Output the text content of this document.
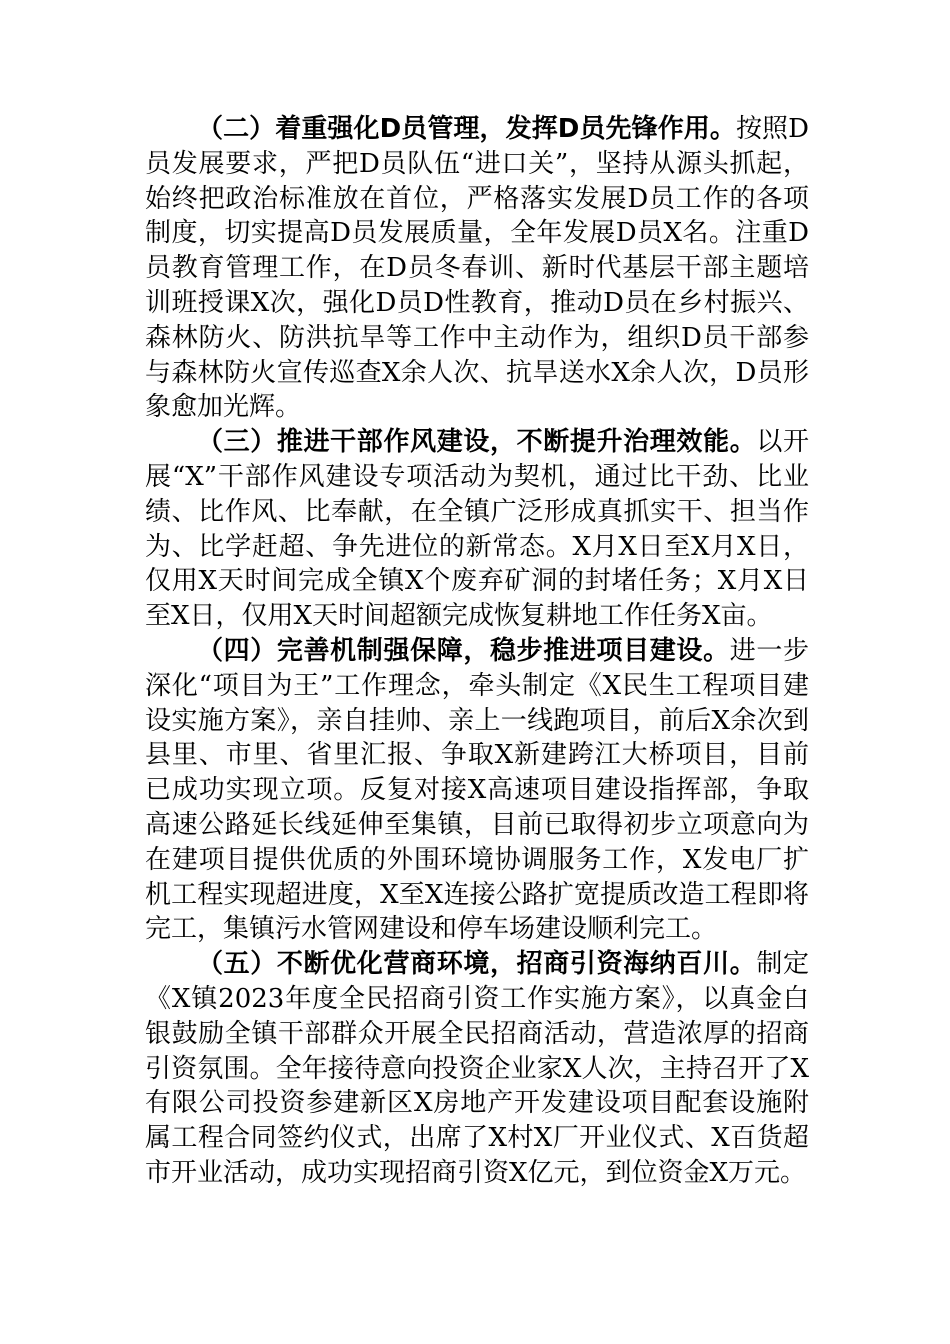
（二）着重强化D员管理，发挥D员先锋作用。按照D员发展要求，严把D员队伍“进口关”，坚持从源头抓起，始终把政治标准放在首位，严格落实发展D员工作的各项制度，切实提高D员发展质量，全年发展D员X名。注重D员教育管理工作，在D员冬春训、新时代基层干部主题培训班授课X次，强化D员D性教育，推动D员在乡村振兴、森林防火、防洪抗旱等工作中主动作为，组织D员干部参与森林防火宣传巡查X余人次、抗旱送水X余人次，D员形象愈加光辉。

（三）推进干部作风建设，不断提升治理效能。以开展“X”干部作风建设专项活动为契机，通过比干劲、比业绩、比作风、比奉献，在全镇广泛形成真抓实干、担当作为、比学赶超、争先进位的新常态。X月X日至X月X日，仅用X天时间完成全镇X个废弃矿洞的封堵任务；X月X日至X日，仅用X天时间超额完成恢复耕地工作任务X亩。

（四）完善机制强保障，稳步推进项目建设。进一步深化“项目为王”工作理念，牵头制定《X民生工程项目建设实施方案》，亲自挂帅、亲上一线跑项目，前后X余次到县里、市里、省里汇报、争取X新建跨江大桥项目，目前已成功实现立项。反复对接X高速项目建设指挥部，争取高速公路延长线延伸至集镇，目前已取得初步立项意向为在建项目提供优质的外围环境协调服务工作，X发电厂扩机工程实现超进度，X至X连接公路扩宽提质改造工程即将完工，集镇污水管网建设和停车场建设顺利完工。

（五）不断优化营商环境，招商引资海纳百川。制定《X镇2023年度全民招商引资工作实施方案》，以真金白银鼓励全镇干部群众开展全民招商活动，营造浓厚的招商引资氛围。全年接待意向投资企业家X人次，主持召开了X有限公司投资参建新区X房地产开发建设项目配套设施附属工程合同签约仪式，出席了X村X厂开业仪式、X百货超市开业活动，成功实现招商引资X亿元，到位资金X万元。
